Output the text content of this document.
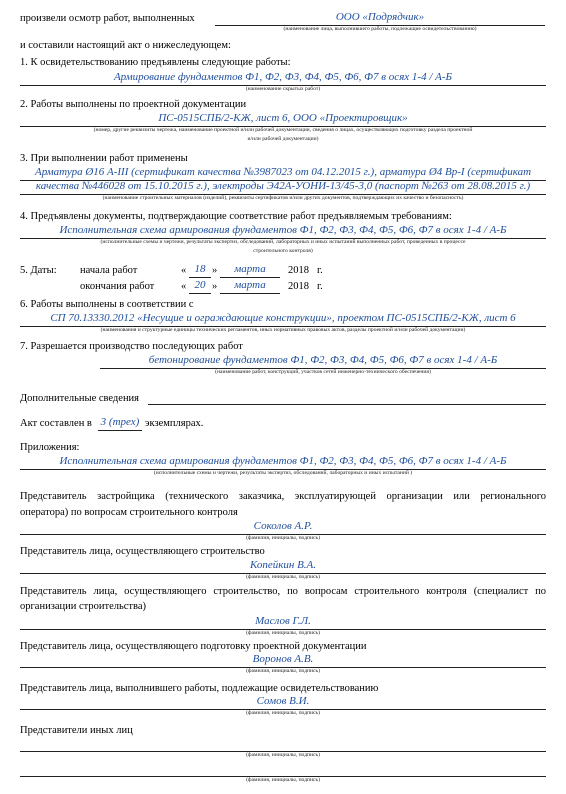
произвели осмотр работ, выполненных	ООО «Подрядчик»
(наименование лица, выполнившего работы, подлежащие освидетельствованию)
и составили настоящий акт о нижеследующем:
1. К освидетельствованию предъявлены следующие работы:
Армирование фундаментов Ф1, Ф2, Ф3, Ф4, Ф5, Ф6, Ф7 в осях 1-4 / А-Б
(наименование скрытых работ)
2. Работы выполнены по проектной документации
ПС-0515СПБ/2-КЖ, лист 6, ООО «Проектировщик»
(номер, другие реквизиты чертежа, наименование проектной и/или рабочей документации, сведения о лицах, осуществляющих подготовку раздела проектной
и/или рабочей документации)
3. При выполнении работ применены
Арматура Ø16 А-III (сертификат качества №3987023 от 04.12.2015 г.), арматура Ø4 Вр-I (сертификат
качества №446028 от 15.10.2015 г.), электроды Э42А-УОНИ-13/45-3,0 (паспорт №263 от 28.08.2015 г.)
(наименование строительных материалов (изделий), реквизиты сертификатов и/или других документов, подтверждающих их качество и безопасность)
4. Предъявлены документы, подтверждающие соответствие работ предъявляемым требованиям:
Исполнительная схема армирования фундаментов Ф1, Ф2, Ф3, Ф4, Ф5, Ф6, Ф7 в осях 1-4 / А-Б
(исполнительные схемы и чертежи, результаты экспертиз, обследований, лабораторных и иных испытаний выполненных работ, проведенных в процессе
строительного контроля)
5. Даты: начала работ	« 18 »	марта	2018 г.
окончания работ	« 20 »	марта	2018 г.
6. Работы выполнены в соответствии с
СП 70.13330.2012 «Несущие и ограждающие конструкции», проектом ПС-0515СПБ/2-КЖ, лист 6
(наименования и структурные единицы технических регламентов, иных нормативных правовых актов, разделы проектной и/или рабочей документации)
7. Разрешается производство последующих работ
бетонирование фундаментов Ф1, Ф2, Ф3, Ф4, Ф5, Ф6, Ф7 в осях 1-4 / А-Б
(наименование работ, конструкций, участков сетей инженерно-технического обеспечения)
Дополнительные сведения
Акт составлен в 3 (трех) экземплярах.
Приложения:
Исполнительная схема армирования фундаментов Ф1, Ф2, Ф3, Ф4, Ф5, Ф6, Ф7 в осях 1-4 / А-Б
(исполнительные схемы и чертежи, результаты экспертиз, обследований, лабораторных и иных испытаний )
Представитель застройщика (технического заказчика, эксплуатирующей организации или регионального
оператора) по вопросам строительного контроля
Соколов А.Р.
(фамилия, инициалы, подпись)
Представитель лица, осуществляющего строительство
Копейкин В.А.
(фамилия, инициалы, подпись)
Представитель лица, осуществляющего строительство, по вопросам строительного контроля (специалист по
организации строительства)
Маслов Г.Л.
(фамилия, инициалы, подпись)
Представитель лица, осуществляющего подготовку проектной документации
Воронов А.В.
(фамилия, инициалы, подпись)
Представитель лица, выполнившего работы, подлежащие освидетельствованию
Сомов В.И.
(фамилия, инициалы, подпись)
Представители иных лиц
(фамилия, инициалы, подпись)
(фамилия, инициалы, подпись)
